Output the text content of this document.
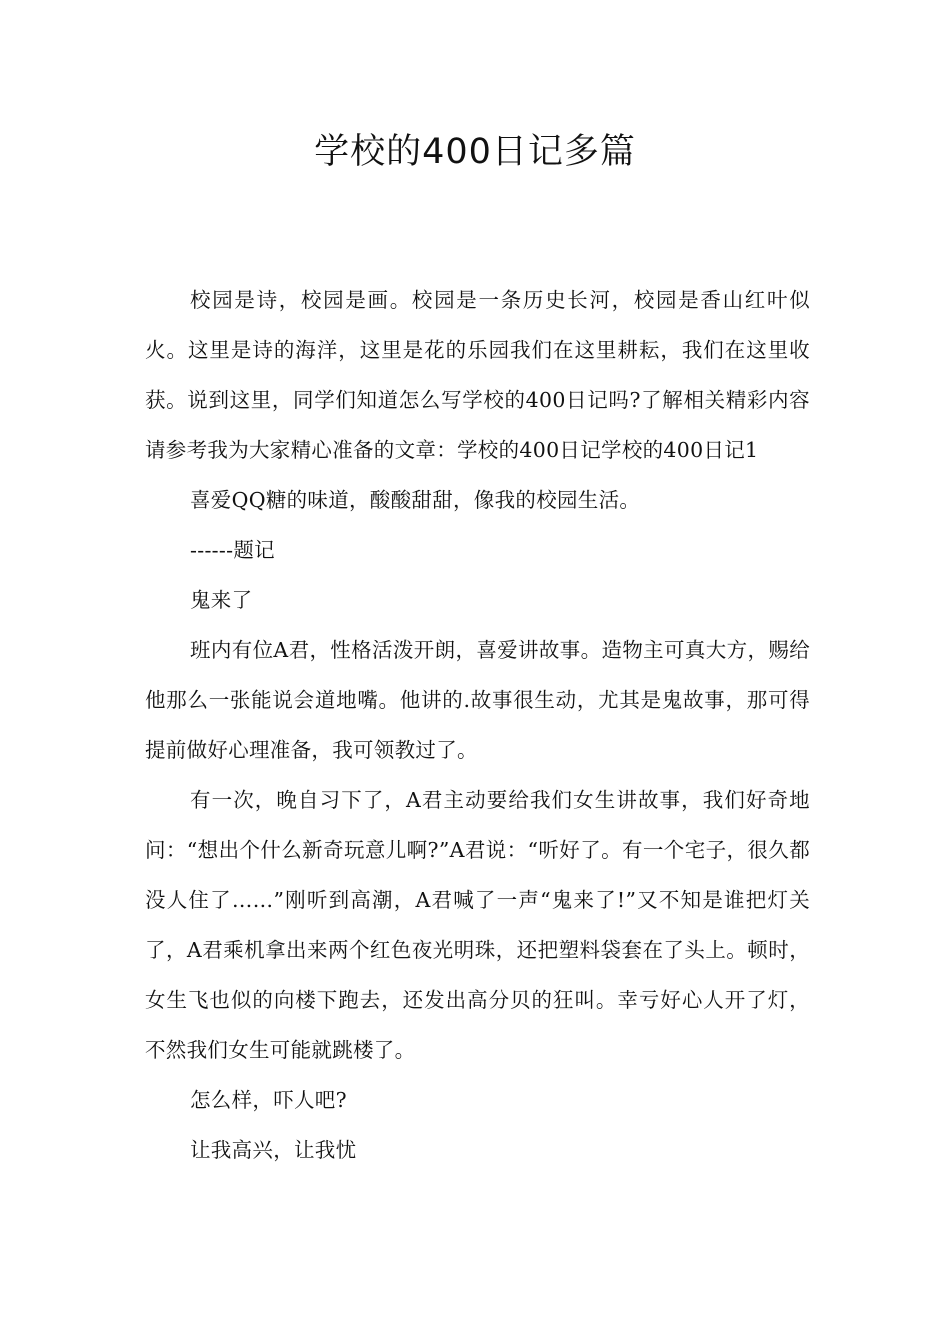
学校的400日记多篇

校园是诗，校园是画。校园是一条历史长河，校园是香山红叶似火。这里是诗的海洋，这里是花的乐园我们在这里耕耘，我们在这里收获。说到这里，同学们知道怎么写学校的400日记吗?了解相关精彩内容请参考我为大家精心准备的文章：学校的400日记学校的400日记1

喜爱QQ糖的味道，酸酸甜甜，像我的校园生活。

------题记

鬼来了

班内有位A君，性格活泼开朗，喜爱讲故事。造物主可真大方，赐给他那么一张能说会道地嘴。他讲的.故事很生动，尤其是鬼故事，那可得提前做好心理准备，我可领教过了。

有一次，晚自习下了，A君主动要给我们女生讲故事，我们好奇地问：“想出个什么新奇玩意儿啊?”A君说：“听好了。有一个宅子，很久都没人住了……”刚听到高潮，A君喊了一声“鬼来了!”又不知是谁把灯关了，A君乘机拿出来两个红色夜光明珠，还把塑料袋套在了头上。顿时，女生飞也似的向楼下跑去，还发出高分贝的狂叫。幸亏好心人开了灯，不然我们女生可能就跳楼了。

怎么样，吓人吧?

让我高兴，让我忧
